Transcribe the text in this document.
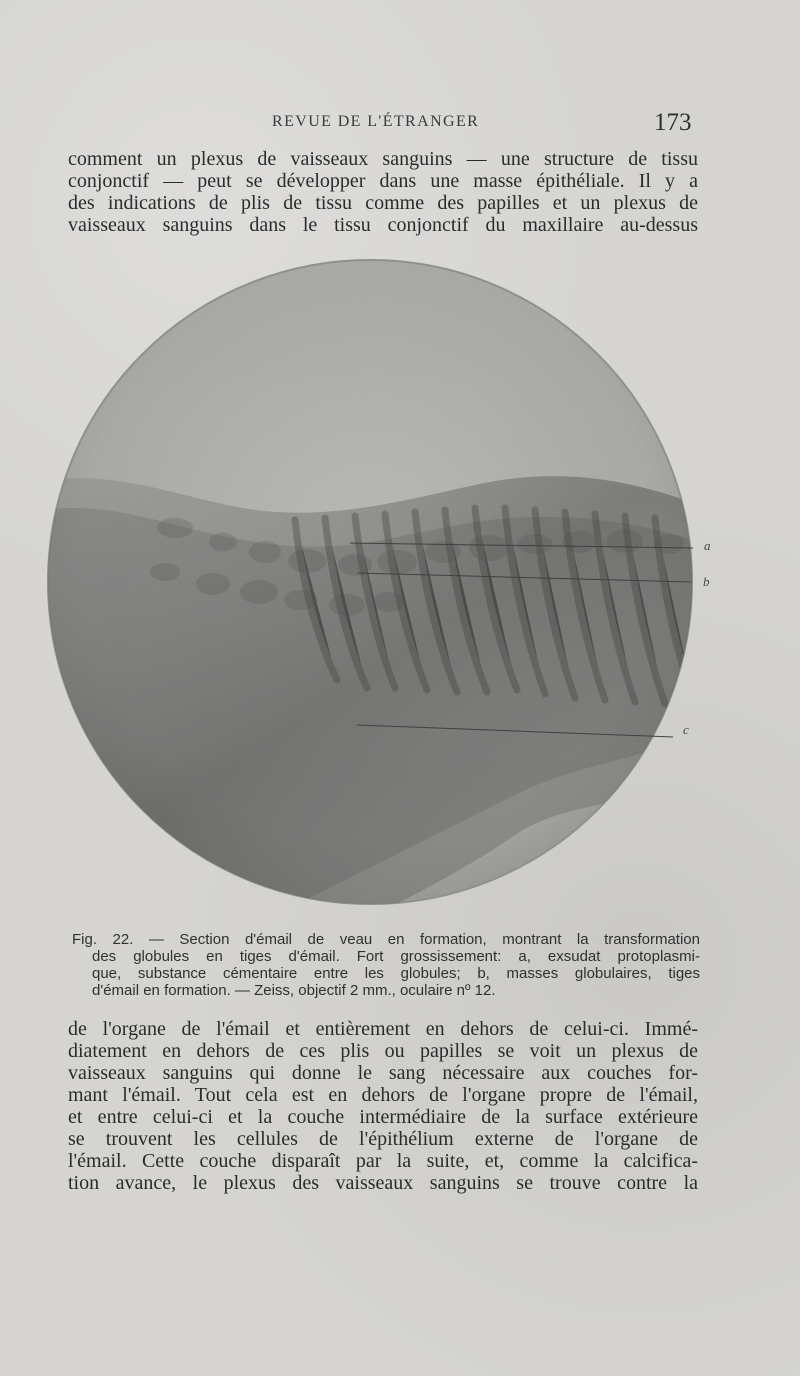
REVUE DE L'ÉTRANGER	173
comment un plexus de vaisseaux sanguins — une structure de tissu
conjonctif — peut se développer dans une masse épithéliale. Il y a
des indications de plis de tissu comme des papilles et un plexus de
vaisseaux sanguins dans le tissu conjonctif du maxillaire au-dessus
a
b
c
Fig. 22. — Section d'émail de veau en formation, montrant la transformation
des globules en tiges d'émail. Fort grossissement: a, exsudat protoplasmi-
que, substance cémentaire entre les globules; b, masses globulaires, tiges
d'émail en formation. — Zeiss, objectif 2 mm., oculaire nº 12.
de l'organe de l'émail et entièrement en dehors de celui-ci. Immé-
diatement en dehors de ces plis ou papilles se voit un plexus de
vaisseaux sanguins qui donne le sang nécessaire aux couches for-
mant l'émail. Tout cela est en dehors de l'organe propre de l'émail,
et entre celui-ci et la couche intermédiaire de la surface extérieure
se trouvent les cellules de l'épithélium externe de l'organe de
l'émail. Cette couche disparaît par la suite, et, comme la calcifica-
tion avance, le plexus des vaisseaux sanguins se trouve contre la
